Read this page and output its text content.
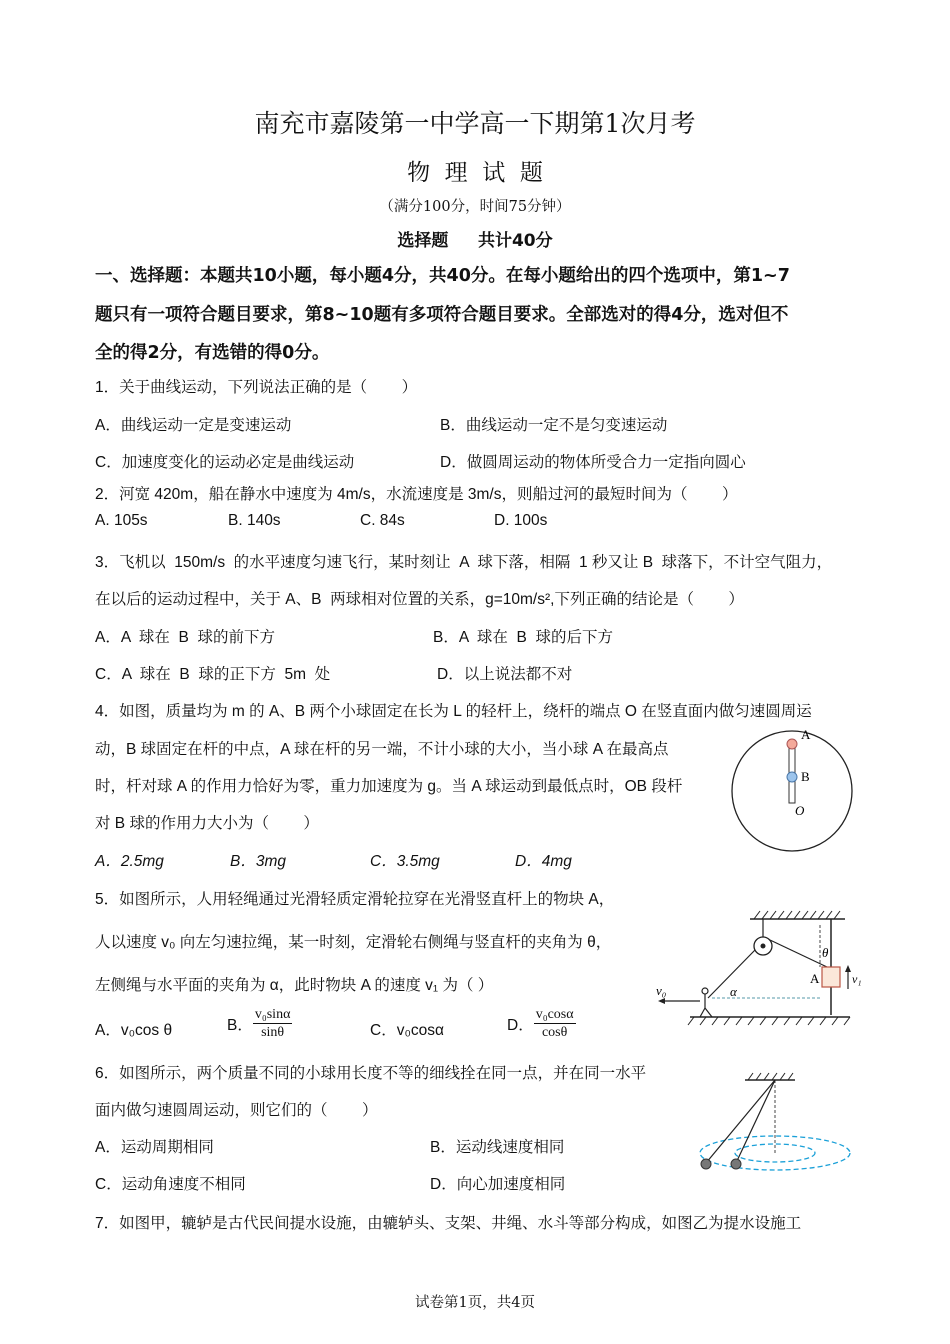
南充市嘉陵第一中学高一下期第1次月考
物  理  试  题
（满分100分，时间75分钟）
选择题     共计40分
一、选择题：本题共10小题，每小题4分，共40分。在每小题给出的四个选项中，第1~7
题只有一项符合题目要求，第8~10题有多项符合题目要求。全部选对的得4分，选对但不
全的得2分，有选错的得0分。
1．关于曲线运动，下列说法正确的是（        ）
A．曲线运动一定是变速运动	B．曲线运动一定不是匀变速运动
C．加速度变化的运动必定是曲线运动	D．做圆周运动的物体所受合力一定指向圆心
2．河宽 420m，船在静水中速度为 4m/s，水流速度是 3m/s，则船过河的最短时间为（        ）
A. 105s	B. 140s	C. 84s	D. 100s
3．飞机以  150m/s  的水平速度匀速飞行，某时刻让  A  球下落，相隔  1 秒又让 B  球落下，不计空气阻力，
在以后的运动过程中，关于 A、B  两球相对位置的关系，g=10m/s²,下列正确的结论是（        ）
A．A  球在  B  球的前下方	B．A  球在  B  球的后下方
C．A  球在  B  球的正下方  5m  处	D．以上说法都不对
4．如图，质量均为 m 的 A、B 两个小球固定在长为 L 的轻杆上，绕杆的端点 O 在竖直面内做匀速圆周运
动，B 球固定在杆的中点，A 球在杆的另一端，不计小球的大小，当小球 A 在最高点
时，杆对球 A 的作用力恰好为零，重力加速度为 g。当 A 球运动到最低点时，OB 段杆
对 B 球的作用力大小为（        ）
A．2.5mg	B．3mg	C．3.5mg	D．4mg
A
B
O
5．如图所示，人用轻绳通过光滑轻质定滑轮拉穿在光滑竖直杆上的物块 A，
人以速度 v₀ 向左匀速拉绳，某一时刻，定滑轮右侧绳与竖直杆的夹角为 θ，
左侧绳与水平面的夹角为 α，此时物块 A 的速度 v₁ 为（ ）
A．v₀cos θ	B． $\frac{\text{v₀sinα}}{\sin\theta}$	C．v₀cosα	D． $\frac{\text{v₀cosα}}{\cos\theta}$
θ
A	v₁
α
v₀
6．如图所示，两个质量不同的小球用长度不等的细线拴在同一点，并在同一水平
面内做匀速圆周运动，则它们的（        ）
A．运动周期相同	B．运动线速度相同
C．运动角速度不相同	D．向心加速度相同
7．如图甲，辘轳是古代民间提水设施，由辘轳头、支架、井绳、水斗等部分构成，如图乙为提水设施工
试卷第1页，共4页
